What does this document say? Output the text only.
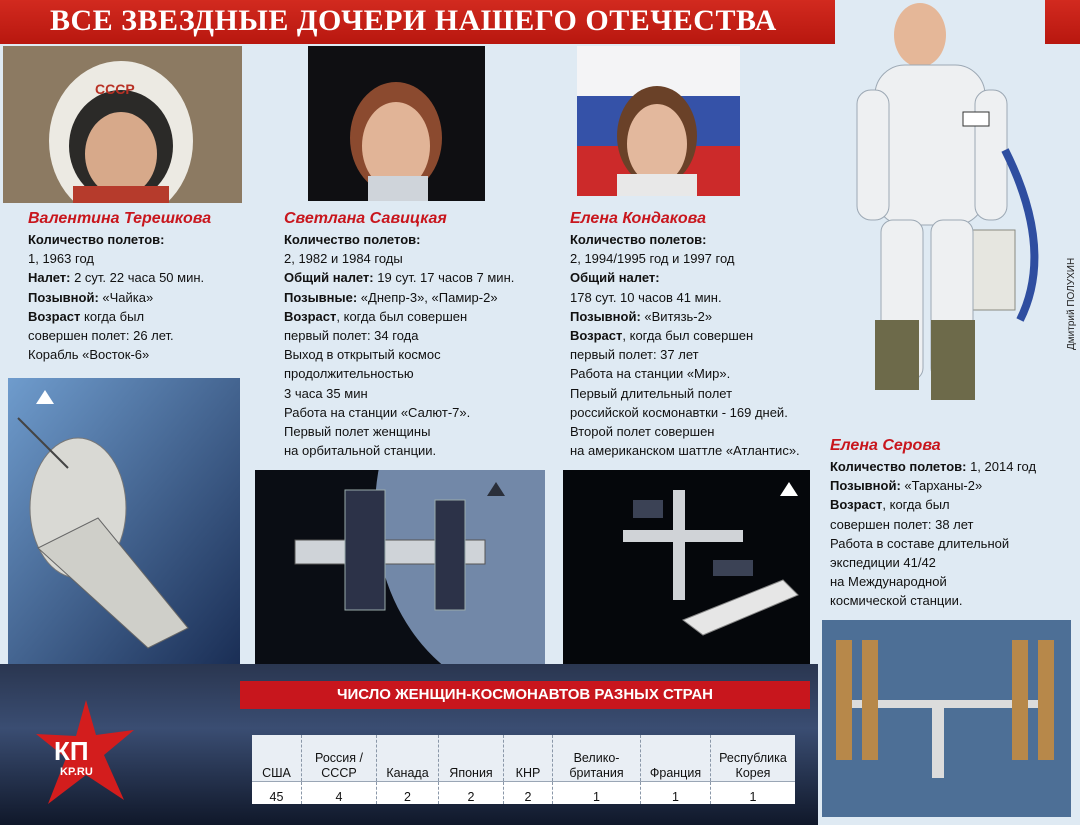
ВСЕ ЗВЕЗДНЫЕ ДОЧЕРИ НАШЕГО ОТЕЧЕСТВА
СССР
Дмитрий ПОЛУХИН
Валентина Терешкова
Количество полетов:
1, 1963 год
Налет: 2 сут. 22 часа 50 мин.
Позывной: «Чайка»
Возраст когда был
совершен полет: 26 лет.
Корабль «Восток-6»
Светлана Савицкая
Количество полетов:
2, 1982 и 1984 годы
Общий налет: 19 сут. 17 часов 7 мин.
Позывные: «Днепр-3», «Памир-2»
Возраст, когда был совершен
первый полет: 34 года
Выход в открытый космос
продолжительностью
3 часа 35 мин
Работа на станции «Салют-7».
Первый полет женщины
на орбитальной станции.
Елена Кондакова
Количество полетов:
2, 1994/1995 год и 1997 год
Общий налет:
178 сут. 10 часов 41 мин.
Позывной: «Витязь-2»
Возраст, когда был совершен
первый полет: 37 лет
Работа на станции «Мир».
Первый длительный полет
российской космонавтки - 169 дней.
Второй полет совершен
на американском шаттле «Атлантис». Елена Серова
Количество полетов: 1, 2014 год
Позывной: «Тарханы-2»
Возраст, когда был
совершен полет: 38 лет
Работа в составе длительной
экспедиции 41/42
на Международной
космической станции.
КП
KP.RU
ЧИСЛО ЖЕНЩИН-КОСМОНАВТОВ РАЗНЫХ СТРАН
США	Россия / СССР	Канада	Япония	КНР	Велико-британия	Франция	Республика Корея
45	4	2	2	2	1	1	1
